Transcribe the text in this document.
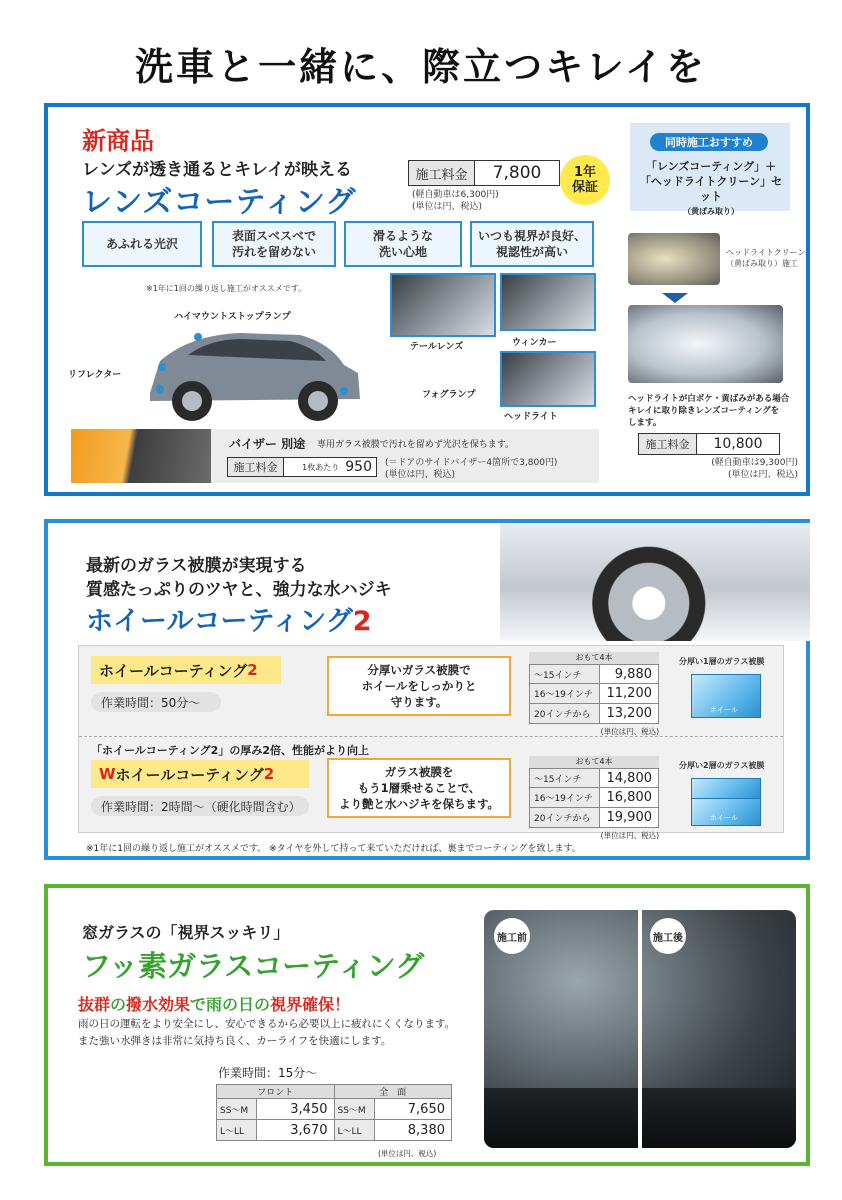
洗車と一緒に、際立つキレイを
新商品
レンズが透き通るとキレイが映える
レンズコーティング
施工料金	7,800
(軽自動車は6,300円)
(単位は円、税込)
1年
保証
あふれる光沢
表面スベスベで
汚れを留めない
滑るような
洗い心地
いつも視界が良好、
視認性が高い
※1年に1回の繰り返し施工がオススメです。
ハイマウントストップランプ
リフレクター
テールレンズ	ウィンカー
フォグランプ
ヘッドライト
バイザー 別途 専用ガラス被膜で汚れを留めず光沢を保ちます。
施工料金	1枚あたり 950 (＝ドアのサイドバイザー4箇所で3,800円)
(単位は円、税込)
同時施工おすすめ
「レンズコーティング」＋
「ヘッドライトクリーン」セット
（黄ばみ取り）
ヘッドライトクリーン
（黄ばみ取り）施工
ヘッドライトが白ボケ・黄ばみがある場合
キレイに取り除きレンズコーティングを
します。
施工料金	10,800
(軽自動車は9,300円)
(単位は円、税込)
最新のガラス被膜が実現する
質感たっぷりのツヤと、強力な水ハジキ
ホイールコーティング2
ホイールコーティング 2
作業時間：50分〜
分厚いガラス被膜で
ホイールをしっかりと
守ります。
おもて4本
〜15インチ	9,880
16〜19インチ	11,200
20インチから	13,200
(単位は円、税込)
分厚い1層のガラス被膜
ホイール
「ホイールコーティング2」の厚み2倍、性能がより向上
W ホイールコーティング 2
作業時間：2時間〜（硬化時間含む）
ガラス被膜を
もう1層乗せることで、
より艶と水ハジキを保ちます。
おもて4本
〜15インチ	14,800
16〜19インチ	16,800
20インチから	19,900
(単位は円、税込)
分厚い2層のガラス被膜
ホイール
※1年に1回の繰り返し施工がオススメです。 ※タイヤを外して持って来ていただければ、裏までコーティングを致します。
窓ガラスの「視界スッキリ」
フッ素ガラスコーティング
抜群の撥水効果で雨の日の視界確保！
雨の日の運転をより安全にし、安心できるから必要以上に疲れにくくなります。
また強い水弾きは非常に気持ち良く、カーライフを快適にします。
作業時間：15分〜
フロント		全　面	
SS〜M	3,450	SS〜M	7,650
L〜LL	3,670	L〜LL	8,380
(単位は円、税込)
施工前	施工後
